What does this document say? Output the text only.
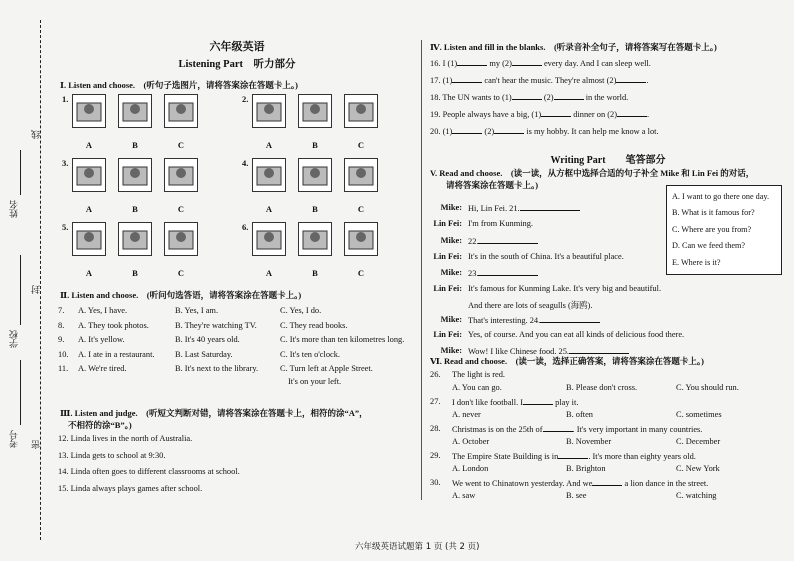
线
封
密
姓名
学校
考号
六年级英语
Listening Part　听力部分
Ⅰ. Listen and choose.　(听句子选图片，请将答案涂在答题卡上。)
1.
A	B	C
2.
A	B	C
3.
A	B	C
4.
A	B	C
5.
A	B	C
6.
A	B	C
Ⅱ. Listen and choose.　(听问句选答语，请将答案涂在答题卡上。)
7. A. Yes, I have.	B. Yes, I am.	C. Yes, I do.
8. A. They took photos.	B. They're watching TV.	C. They read books.
9. A. It's yellow.	B. It's 40 years old.	C. It's more than ten kilometres long.
10. A. I ate in a restaurant. B. Last Saturday.	C. It's ten o'clock.
11. A. We're tired.	B. It's next to the library.	C. Turn left at Apple Street.
It's on your left.
Ⅲ. Listen and judge.　(听短文判断对错，请将答案涂在答题卡上，相符的涂“A”，
不相符的涂“B”。)
12. Linda lives in the north of Australia.
13. Linda gets to school at 9:30.
14. Linda often goes to different classrooms at school.
15. Linda always plays games after school.
Ⅳ. Listen and fill in the blanks.　(听录音补全句子，请将答案写在答题卡上。)
16. I (1)	my (2)	every day. And I can sleep well.
17. (1)	can't hear the music. They're almost (2)	.
18. The UN wants to (1)	(2)	in the world.
19. People always have a big, (1)	dinner on (2)	.
20. (1)	(2)	is my hobby. It can help me know a lot.
Writing Part　　笔答部分
V. Read and choose.　(读一读，从方框中选择合适的句子补全 Mike 和 Lin Fei 的对话，
请将答案涂在答题卡上。)
A. I want to go there one day.
B. What is it famous for?
C. Where are you from?
D. Can we feed them?
E. Where is it?
Mike: Hi, Lin Fei. 21.
Lin Fei: I'm from Kunming.
Mike: 22.
Lin Fei: It's in the south of China. It's a beautiful place.
Mike: 23.
Lin Fei: It's famous for Kunming Lake. It's very big and beautiful.
And there are lots of seagulls (海鸥).
Mike: That's interesting. 24.
Lin Fei: Yes, of course. And you can eat all kinds of delicious food there.
Mike: Wow! I like Chinese food. 25.
Ⅵ. Read and choose.　(读一读，选择正确答案，请将答案涂在答题卡上。)
26. The light is red.
A. You can go.	B. Please don't cross.	C. You should run.
27. I don't like football. I	play it.
A. never	B. often	C. sometimes
28. Christmas is on the 25th of	. It's very important in many countries.
A. October	B. November	C. December
29. The Empire State Building is in	. It's more than eighty years old.
A. London	B. Brighton	C. New York
30. We went to Chinatown yesterday. And we	a lion dance in the street.
A. saw	B. see	C. watching
六年级英语试题第 1 页 (共 2 页)
